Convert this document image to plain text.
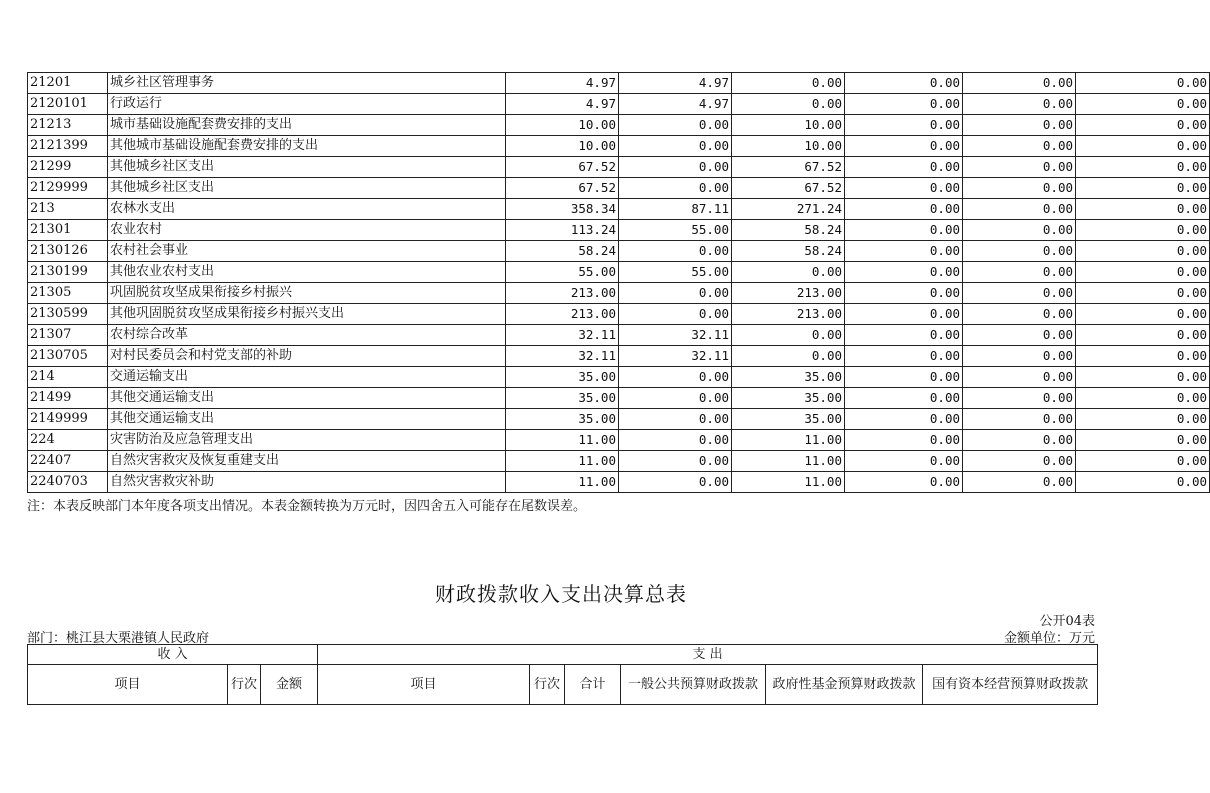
21201	城乡社区管理事务	4.97	4.97	0.00	0.00	0.00	0.00
2120101	行政运行	4.97	4.97	0.00	0.00	0.00	0.00
21213	城市基础设施配套费安排的支出	10.00	0.00	10.00	0.00	0.00	0.00
2121399	其他城市基础设施配套费安排的支出	10.00	0.00	10.00	0.00	0.00	0.00
21299	其他城乡社区支出	67.52	0.00	67.52	0.00	0.00	0.00
2129999	其他城乡社区支出	67.52	0.00	67.52	0.00	0.00	0.00
213	农林水支出	358.34	87.11	271.24	0.00	0.00	0.00
21301	农业农村	113.24	55.00	58.24	0.00	0.00	0.00
2130126	农村社会事业	58.24	0.00	58.24	0.00	0.00	0.00
2130199	其他农业农村支出	55.00	55.00	0.00	0.00	0.00	0.00
21305	巩固脱贫攻坚成果衔接乡村振兴	213.00	0.00	213.00	0.00	0.00	0.00
2130599	其他巩固脱贫攻坚成果衔接乡村振兴支出	213.00	0.00	213.00	0.00	0.00	0.00
21307	农村综合改革	32.11	32.11	0.00	0.00	0.00	0.00
2130705	对村民委员会和村党支部的补助	32.11	32.11	0.00	0.00	0.00	0.00
214	交通运输支出	35.00	0.00	35.00	0.00	0.00	0.00
21499	其他交通运输支出	35.00	0.00	35.00	0.00	0.00	0.00
2149999	其他交通运输支出	35.00	0.00	35.00	0.00	0.00	0.00
224	灾害防治及应急管理支出	11.00	0.00	11.00	0.00	0.00	0.00
22407	自然灾害救灾及恢复重建支出	11.00	0.00	11.00	0.00	0.00	0.00
2240703	自然灾害救灾补助	11.00	0.00	11.00	0.00	0.00	0.00
注：本表反映部门本年度各项支出情况。本表金额转换为万元时，因四舍五入可能存在尾数误差。
财政拨款收入支出决算总表
公开04表
部门：桃江县大栗港镇人民政府	金额单位：万元
收 入			支 出					
项目	行次	金额	项目	行次	合计	一般公共预算财政拨款	政府性基金预算财政拨款	国有资本经营预算财政拨款
